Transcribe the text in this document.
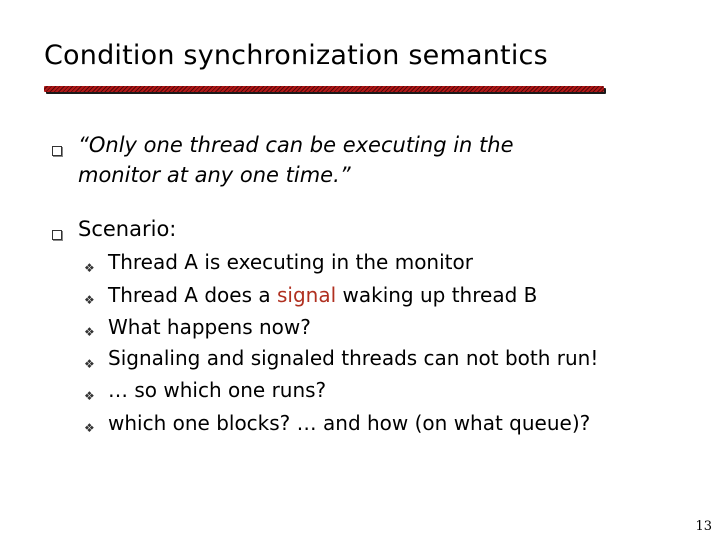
Condition synchronization semantics
“Only one thread can be executing in the
monitor at any one time.”
Scenario:
❖ Thread A is executing in the monitor
❖ Thread A does a signal waking up thread B
❖ What happens now?
❖ Signaling and signaled threads can not both run!
❖ … so which one runs?
❖ which one blocks? … and how (on what queue)?
13
